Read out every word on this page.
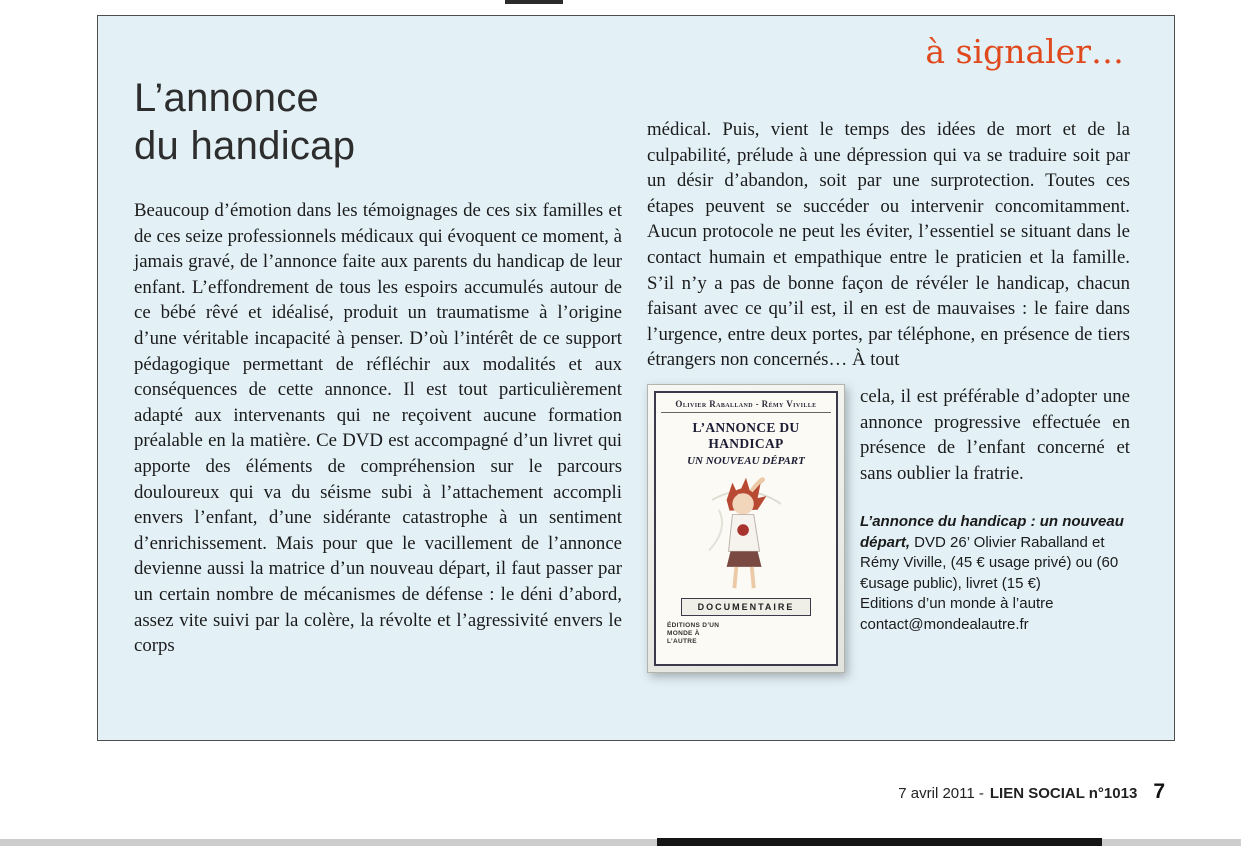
à signaler…
L’annonce
du handicap
Beaucoup d’émotion dans les témoignages de ces six familles et de ces seize professionnels médicaux qui évoquent ce moment, à jamais gravé, de l’annonce faite aux parents du handicap de leur enfant. L’effondrement de tous les espoirs accumulés autour de ce bébé rêvé et idéalisé, produit un traumatisme à l’origine d’une véritable incapacité à penser. D’où l’intérêt de ce support pédagogique permettant de réfléchir aux modalités et aux conséquences de cette annonce. Il est tout particulièrement adapté aux intervenants qui ne reçoivent aucune formation préalable en la matière. Ce DVD est accompagné d’un livret qui apporte des éléments de compréhension sur le parcours douloureux qui va du séisme subi à l’attachement accompli envers l’enfant, d’une sidérante catastrophe à un sentiment d’enrichissement. Mais pour que le vacillement de l’annonce devienne aussi la matrice d’un nouveau départ, il faut passer par un certain nombre de mécanismes de défense : le déni d’abord, assez vite suivi par la colère, la révolte et l’agressivité envers le corps
médical. Puis, vient le temps des idées de mort et de la culpabilité, prélude à une dépression qui va se traduire soit par un désir d’abandon, soit par une surprotection. Toutes ces étapes peuvent se succéder ou intervenir concomitamment. Aucun protocole ne peut les éviter, l’essentiel se situant dans le contact humain et empathique entre le praticien et la famille. S’il n’y a pas de bonne façon de révéler le handicap, chacun faisant avec ce qu’il est, il en est de mauvaises : le faire dans l’urgence, entre deux portes, par téléphone, en présence de tiers étrangers non concernés… À tout
Olivier Raballand - Rémy Viville
L’ANNONCE DU HANDICAP
UN NOUVEAU DÉPART
DOCUMENTAIRE
ÉDITIONS D’UN MONDE À L’AUTRE
cela, il est préférable d’adopter une annonce progressive effectuée en présence de l’enfant concerné et sans oublier la fratrie.

L’annonce du handicap : un nouveau départ, DVD 26’ Olivier Raballand et Rémy Viville, (45 € usage privé) ou (60 €usage public), livret (15 €)

Editions d’un monde à l’autre
contact@mondealautre.fr
7 avril 2011 - LIEN SOCIAL n°1013 7
